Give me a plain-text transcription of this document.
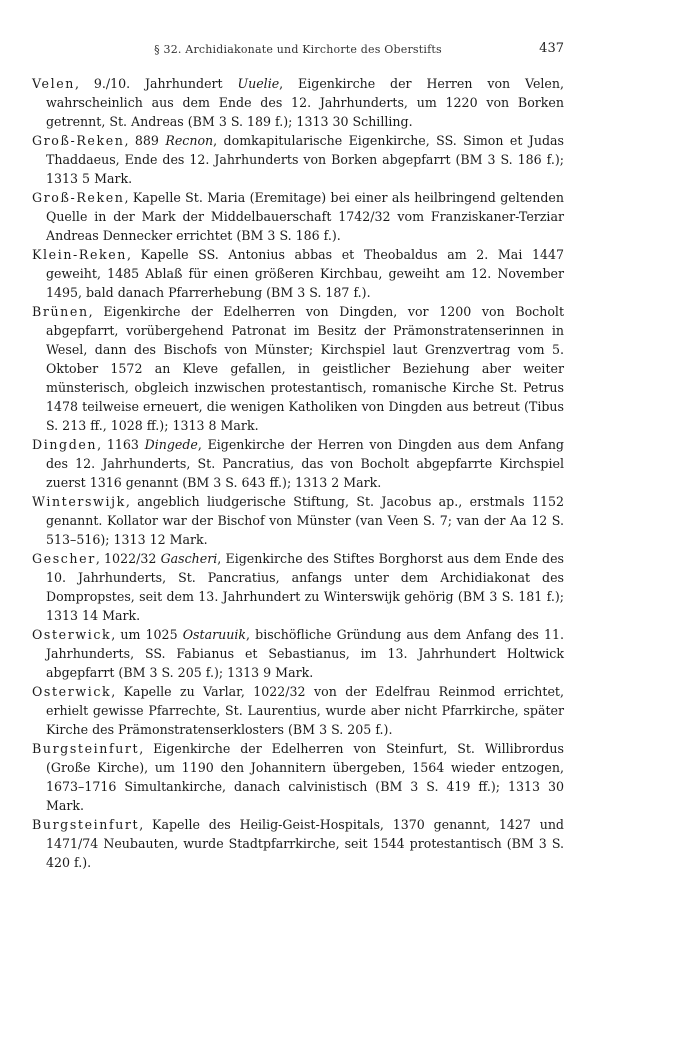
§ 32. Archidiakonate und Kirchorte des Oberstifts	437

Velen, 9./10. Jahrhundert Uuelie, Eigenkirche der Herren von Velen, wahrscheinlich aus dem Ende des 12. Jahrhunderts, um 1220 von Borken getrennt, St. Andreas (BM 3 S. 189 f.); 1313 30 Schilling.

Groß-Reken, 889 Recnon, domkapitularische Eigenkirche, SS. Simon et Judas Thaddaeus, Ende des 12. Jahrhunderts von Borken abgepfarrt (BM 3 S. 186 f.); 1313 5 Mark.

Groß-Reken, Kapelle St. Maria (Eremitage) bei einer als heilbringend geltenden Quelle in der Mark der Middelbauerschaft 1742/32 vom Franziskaner-Terziar Andreas Dennecker errichtet (BM 3 S. 186 f.).

Klein-Reken, Kapelle SS. Antonius abbas et Theobaldus am 2. Mai 1447 geweiht, 1485 Ablaß für einen größeren Kirchbau, geweiht am 12. November 1495, bald danach Pfarrerhebung (BM 3 S. 187 f.).

Brünen, Eigenkirche der Edelherren von Dingden, vor 1200 von Bocholt abgepfarrt, vorübergehend Patronat im Besitz der Prämonstratenserinnen in Wesel, dann des Bischofs von Münster; Kirchspiel laut Grenzvertrag vom 5. Oktober 1572 an Kleve gefallen, in geistlicher Beziehung aber weiter münsterisch, obgleich inzwischen protestantisch, romanische Kirche St. Petrus 1478 teilweise erneuert, die wenigen Katholiken von Dingden aus betreut (Tibus S. 213 ff., 1028 ff.); 1313 8 Mark.

Dingden, 1163 Dingede, Eigenkirche der Herren von Dingden aus dem Anfang des 12. Jahrhunderts, St. Pancratius, das von Bocholt abgepfarrte Kirchspiel zuerst 1316 genannt (BM 3 S. 643 ff.); 1313 2 Mark.

Winterswijk, angeblich liudgerische Stiftung, St. Jacobus ap., erstmals 1152 genannt. Kollator war der Bischof von Münster (van Veen S. 7; van der Aa 12 S. 513–516); 1313 12 Mark.

Gescher, 1022/32 Gascheri, Eigenkirche des Stiftes Borghorst aus dem Ende des 10. Jahrhunderts, St. Pancratius, anfangs unter dem Archidiakonat des Dompropstes, seit dem 13. Jahrhundert zu Winterswijk gehörig (BM 3 S. 181 f.); 1313 14 Mark.

Osterwick, um 1025 Ostaruuik, bischöfliche Gründung aus dem Anfang des 11. Jahrhunderts, SS. Fabianus et Sebastianus, im 13. Jahrhundert Holtwick abgepfarrt (BM 3 S. 205 f.); 1313 9 Mark.

Osterwick, Kapelle zu Varlar, 1022/32 von der Edelfrau Reinmod errichtet, erhielt gewisse Pfarrechte, St. Laurentius, wurde aber nicht Pfarrkirche, später Kirche des Prämonstratenserklosters (BM 3 S. 205 f.).

Burgsteinfurt, Eigenkirche der Edelherren von Steinfurt, St. Willibrordus (Große Kirche), um 1190 den Johannitern übergeben, 1564 wieder entzogen, 1673–1716 Simultankirche, danach calvinistisch (BM 3 S. 419 ff.); 1313 30 Mark.

Burgsteinfurt, Kapelle des Heilig-Geist-Hospitals, 1370 genannt, 1427 und 1471/74 Neubauten, wurde Stadtpfarrkirche, seit 1544 protestantisch (BM 3 S. 420 f.).
